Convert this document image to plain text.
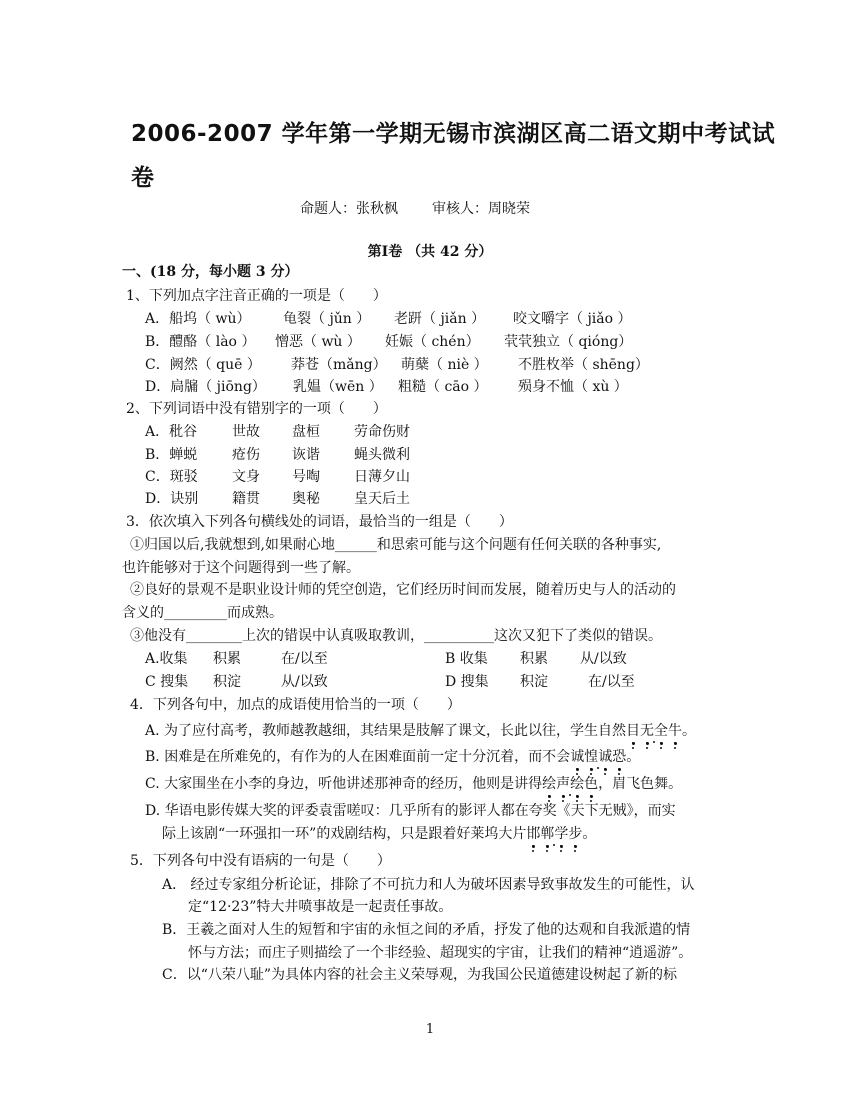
2006-2007 学年第一学期无锡市滨湖区高二语文期中考试试
卷
命题人：张秋枫 审核人：周晓荣
第Ⅰ卷 （共 42 分）
一、(18 分，每小题 3 分）
1、下列加点字注音正确的一项是（　　）
A．船坞（ wù） 龟裂（ jǔn ） 老趼（ jiǎn ） 咬文嚼字（ jiǎo ）
B．醴酪（ lào ） 憎恶（ wù ） 妊娠（ chén） 茕茕独立（ qióng）
C．阙然（ quē ） 莽苍（mǎng） 萌蘖（ niè ） 不胜枚举（ shēng）
D．扃牖（ jiōng） 乳媪（wēn ） 粗糙（ cāo ） 殒身不恤（ xù ）
2、下列词语中没有错别字的一项（　　）
A．秕谷 世故 盘桓 劳命伤财
B．蝉蜕 疮伤 诙谐 蝇头微利
C．斑驳 文身 号啕 日薄夕山
D．诀别 籍贯 奥秘 皇天后土
3．依次填入下列各句横线处的词语，最恰当的一组是（　　）
①归国以后,我就想到,如果耐心地______和思索可能与这个问题有任何关联的各种事实,
也许能够对于这个问题得到一些了解。
②良好的景观不是职业设计师的凭空创造，它们经历时间而发展，随着历史与人的活动的
含义的_________而成熟。
③他没有________上次的错误中认真吸取教训，__________这次又犯下了类似的错误。
A.收集 积累	在/以至	B 收集 积累 从/以致
C 搜集 积淀	从/以致	D 搜集 积淀	在/以至
4．下列各句中，加点的成语使用恰当的一项（　　）
A. 为了应付高考，教师越教越细，其结果是肢解了课文，长此以往，学生自然目
无
全
牛
。
B. 困难是在所难免的，有作为的人在困难面前一定十分沉着，而不会诚
惶
诚
恐
。
C. 大家围坐在小李的身边，听他讲述那神奇的经历，他则是讲得绘
声
绘
色
，眉飞色舞。
D. 华语电影传媒大奖的评委袁雷嗟叹：几乎所有的影评人都在夸奖《天下无贼》，而实
际上该剧“一环强扣一环”的戏剧结构，只是跟着好莱坞大片邯
郸
学
步
。
5．下列各句中没有语病的一句是（　　）
A． 经过专家组分析论证，排除了不可抗力和人为破坏因素导致事故发生的可能性，认
定“12·23”特大井喷事故是一起责任事故。
B．王羲之面对人生的短暂和宇宙的永恒之间的矛盾，抒发了他的达观和自我派遣的情
怀与方法；而庄子则描绘了一个非经验、超现实的宇宙，让我们的精神“逍遥游”。
C．以“八荣八耻”为具体内容的社会主义荣辱观，为我国公民道德建设树起了新的标
1
